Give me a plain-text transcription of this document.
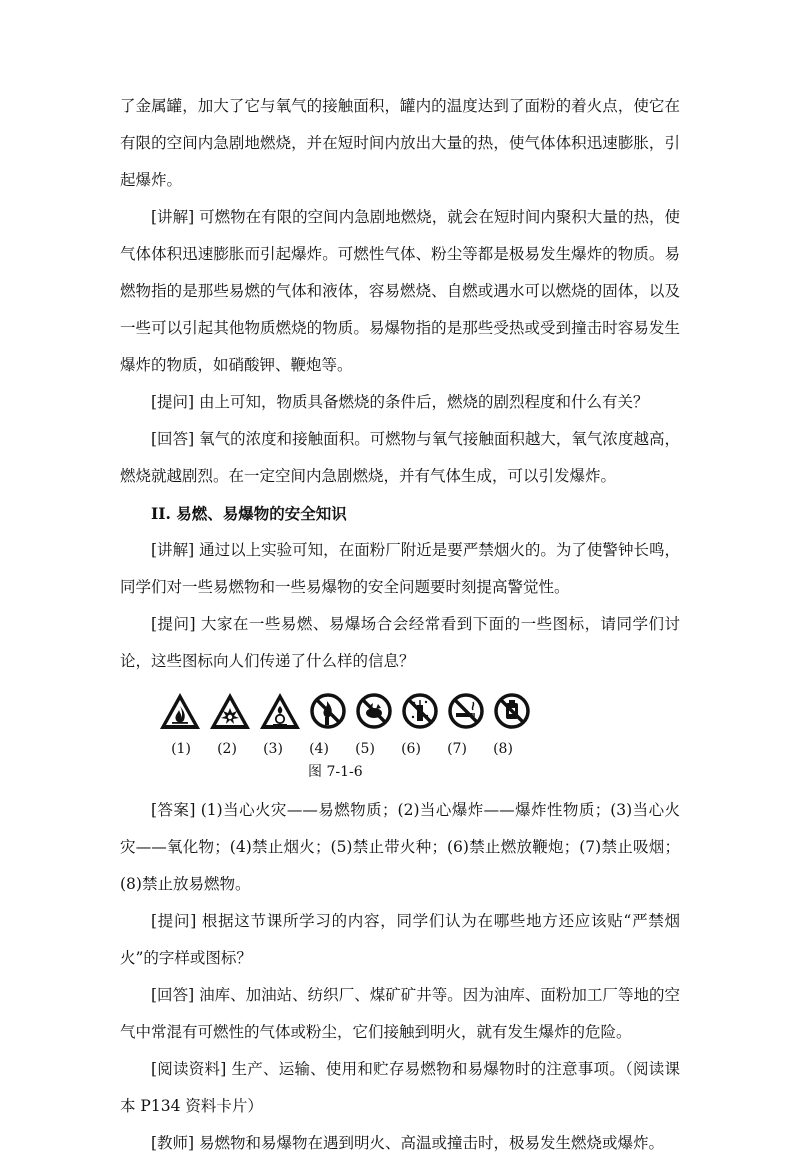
了金属罐，加大了它与氧气的接触面积，罐内的温度达到了面粉的着火点，使它在有限的空间内急剧地燃烧，并在短时间内放出大量的热，使气体体积迅速膨胀，引起爆炸。

[讲解] 可燃物在有限的空间内急剧地燃烧，就会在短时间内聚积大量的热，使气体体积迅速膨胀而引起爆炸。可燃性气体、粉尘等都是极易发生爆炸的物质。易燃物指的是那些易燃的气体和液体，容易燃烧、自燃或遇水可以燃烧的固体，以及一些可以引起其他物质燃烧的物质。易爆物指的是那些受热或受到撞击时容易发生爆炸的物质，如硝酸钾、鞭炮等。

[提问] 由上可知，物质具备燃烧的条件后，燃烧的剧烈程度和什么有关？

[回答] 氧气的浓度和接触面积。可燃物与氧气接触面积越大，氧气浓度越高，燃烧就越剧烈。在一定空间内急剧燃烧，并有气体生成，可以引发爆炸。

II. 易燃、易爆物的安全知识

[讲解] 通过以上实验可知，在面粉厂附近是要严禁烟火的。为了使警钟长鸣，同学们对一些易燃物和一些易爆物的安全问题要时刻提高警觉性。

[提问] 大家在一些易燃、易爆场合会经常看到下面的一些图标，请同学们讨论，这些图标向人们传递了什么样的信息？

(1)	(2)	(3)	(4)	(5)	(6)	(7)	(8)
图 7-1-6

[答案] (1)当心火灾——易燃物质；(2)当心爆炸——爆炸性物质；(3)当心火灾——氧化物；(4)禁止烟火；(5)禁止带火种；(6)禁止燃放鞭炮；(7)禁止吸烟；(8)禁止放易燃物。

[提问] 根据这节课所学习的内容，同学们认为在哪些地方还应该贴“严禁烟火”的字样或图标？

[回答] 油库、加油站、纺织厂、煤矿矿井等。因为油库、面粉加工厂等地的空气中常混有可燃性的气体或粉尘，它们接触到明火，就有发生爆炸的危险。

[阅读资料] 生产、运输、使用和贮存易燃物和易爆物时的注意事项。（阅读课本 P134 资料卡片）

[教师] 易燃物和易爆物在遇到明火、高温或撞击时，极易发生燃烧或爆炸。
